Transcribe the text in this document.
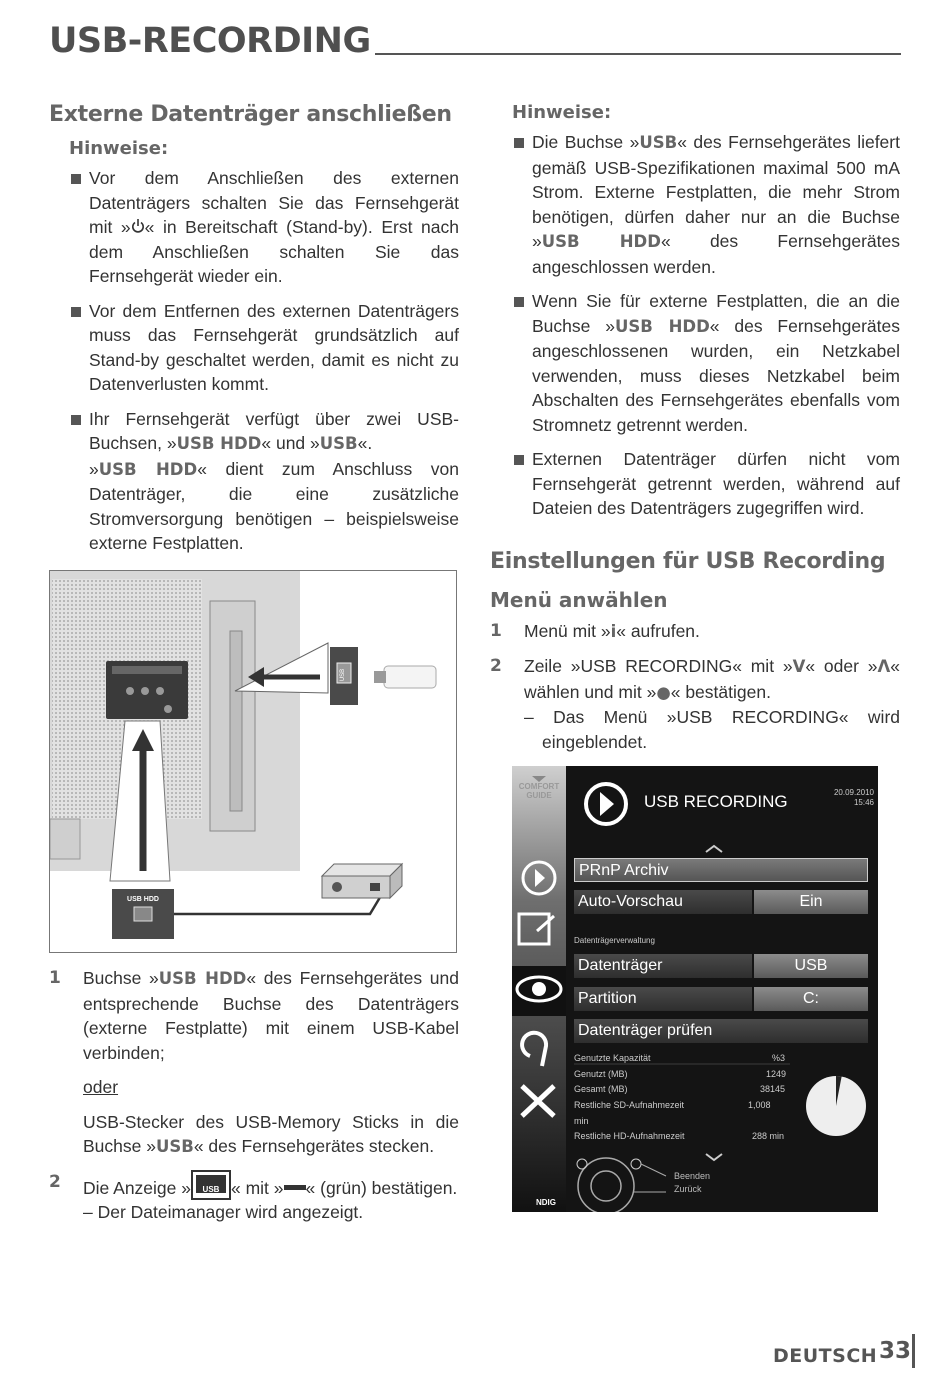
USB-RECORDING
Externe Datenträger anschließen
Hinweise:
Vor dem Anschließen des externen Datenträgers schalten Sie das Fernsehgerät mit » « in Bereitschaft (Stand-by). Erst nach dem Anschließen schalten Sie das Fernsehgerät wieder ein.
Vor dem Entfernen des externen Datenträgers muss das Fernsehgerät grundsätzlich auf Stand-by geschaltet werden, damit es nicht zu Datenverlusten kommt.
Ihr Fernsehgerät verfügt über zwei USB-Buchsen, »USB HDD« und »USB«.
»USB HDD« dient zum Anschluss von Datenträger, die eine zusätzliche Stromversorgung benötigen – beispielsweise externe Festplatten.
USB
USB HDD
1 Buchse »USB HDD« des Fernsehgerätes und entsprechende Buchse des Datenträgers (externe Festplatte) mit einem USB-Kabel verbinden;
oder
USB-Stecker des USB-Memory Sticks in die Buchse »USB« des Fernsehgerätes stecken.
2 Die Anzeige »	USB « mit » « (grün) bestätigen.
– Der Dateimanager wird angezeigt.
Hinweise:
Die Buchse »USB« des Fernsehgerätes liefert gemäß USB-Spezifikationen maximal 500 mA Strom. Externe Festplatten, die mehr Strom benötigen, dürfen daher nur an die Buchse »USB HDD« des Fernsehgerätes angeschlossen werden.
Wenn Sie für externe Festplatten, die an die Buchse »USB HDD« des Fernsehgerätes angeschlossenen wurden, ein Netzkabel verwenden, muss dieses Netzkabel beim Abschalten des Fernsehgerätes ebenfalls vom Stromnetz getrennt werden.
Externen Datenträger dürfen nicht vom Fernsehgerät getrennt werden, während auf Dateien des Datenträgers zugegriffen wird.
Einstellungen für USB Recording
Menü anwählen
1 Menü mit »i« aufrufen.
2 Zeile »USB RECORDING« mit »V« oder »Λ« wählen und mit »●« bestätigen.
– Das Menü »USB RECORDING« wird eingeblendet.
COMFORT
GUIDE
NDIG
USB RECORDING	20.09.2010
15:46
PRnP Archiv
Auto-Vorschau	Ein
Datenträgerverwaltung
Datenträger	USB
Partition	C:
Datenträger prüfen
Genutzte Kapazität	%3
Genutzt (MB)	1249
Gesamt (MB)	38145
Restliche SD-Aufnahmezeit	1,008
min
Restliche HD-Aufnahmezeit	288 min
Beenden
Zurück
DEUTSCH 33
